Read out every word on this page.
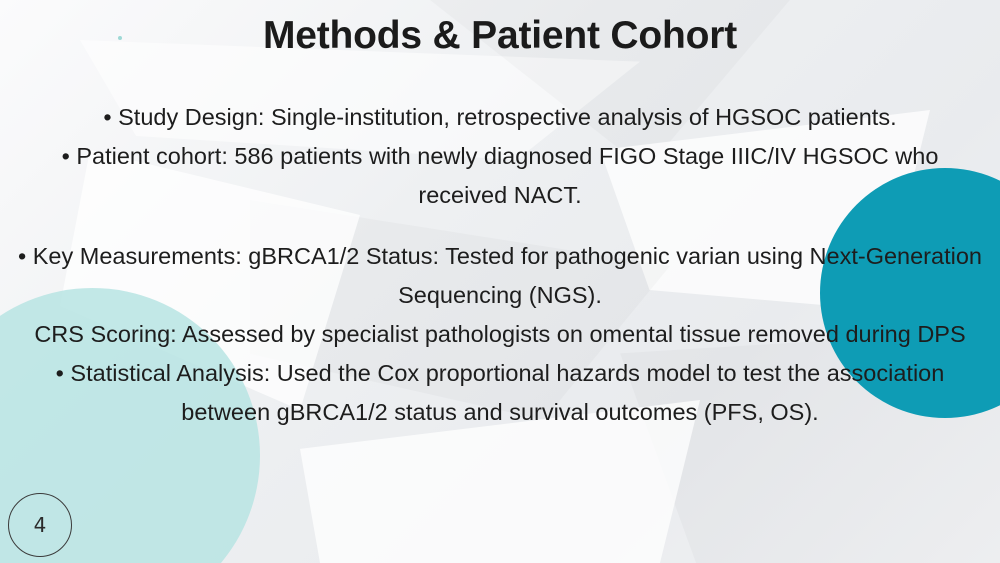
Methods & Patient Cohort

• Study Design: Single-institution, retrospective analysis of HGSOC patients.

• Patient cohort: 586 patients with newly diagnosed FIGO Stage IIIC/IV HGSOC who received NACT.

• Key Measurements: gBRCA1/2 Status: Tested for pathogenic varian using Next-Generation Sequencing (NGS).

CRS Scoring: Assessed by specialist pathologists on omental tissue removed during DPS

• Statistical Analysis: Used the Cox proportional hazards model to test the association between gBRCA1/2 status and survival outcomes (PFS, OS).

4
